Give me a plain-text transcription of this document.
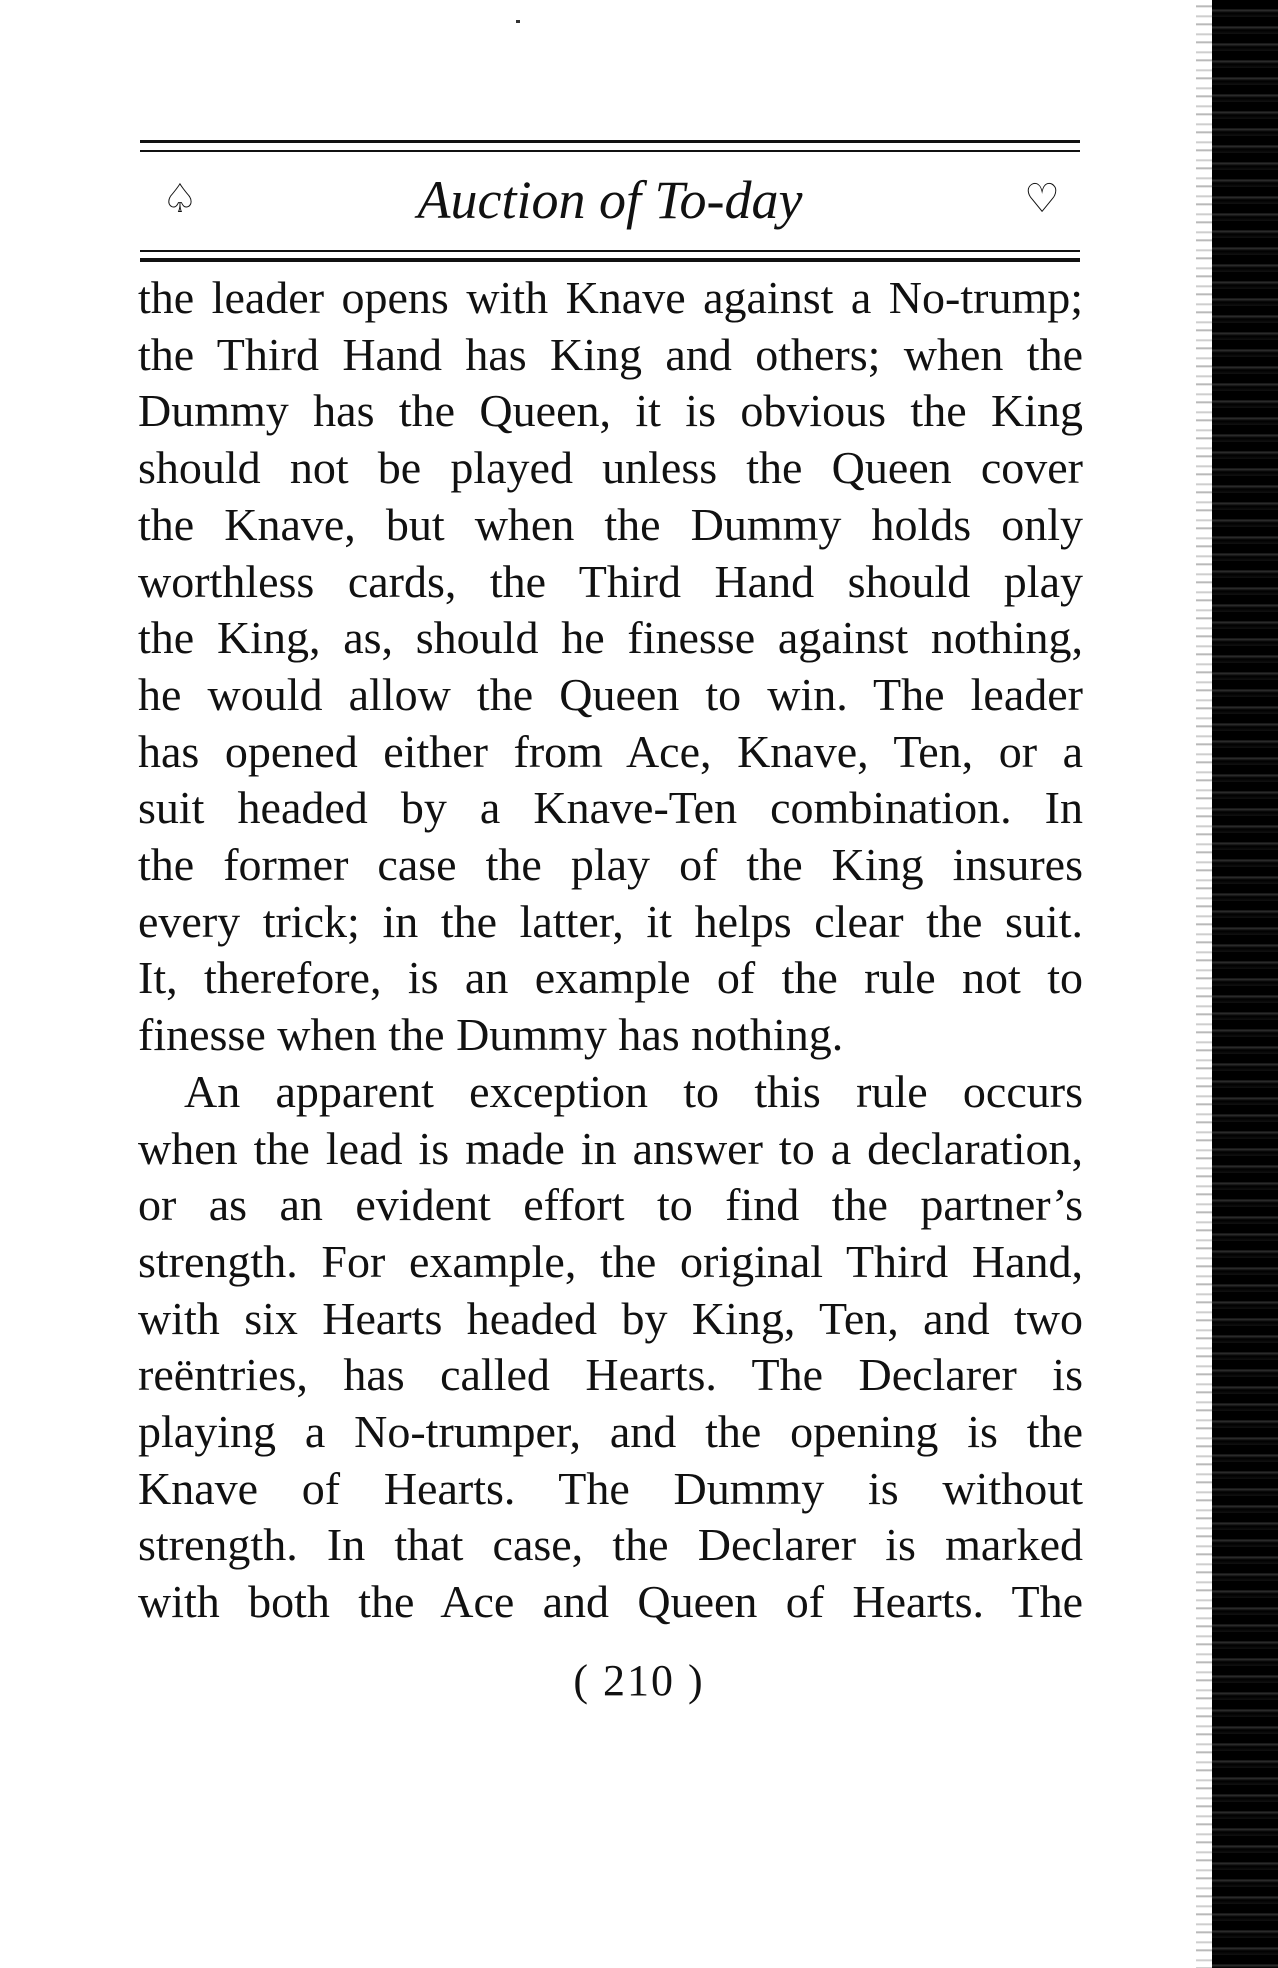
♤	Auction of To-day	♡
the leader opens with Knave against a No-trump;
the Third Hand has King and others; when the
Dummy has the Queen, it is obvious the King
should not be played unless the Queen cover
the Knave, but when the Dummy holds only
worthless cards, the Third Hand should play
the King, as, should he finesse against nothing,
he would allow the Queen to win. The leader
has opened either from Ace, Knave, Ten, or a
suit headed by a Knave-Ten combination. In
the former case the play of the King insures
every trick; in the latter, it helps clear the suit.
It, therefore, is an example of the rule not to
finesse when the Dummy has nothing.
An apparent exception to this rule occurs
when the lead is made in answer to a declaration,
or as an evident effort to find the partner’s
strength. For example, the original Third Hand,
with six Hearts headed by King, Ten, and two
reëntries, has called Hearts. The Declarer is
playing a No-trumper, and the opening is the
Knave of Hearts. The Dummy is without
strength. In that case, the Declarer is marked
with both the Ace and Queen of Hearts. The
( 210 )
